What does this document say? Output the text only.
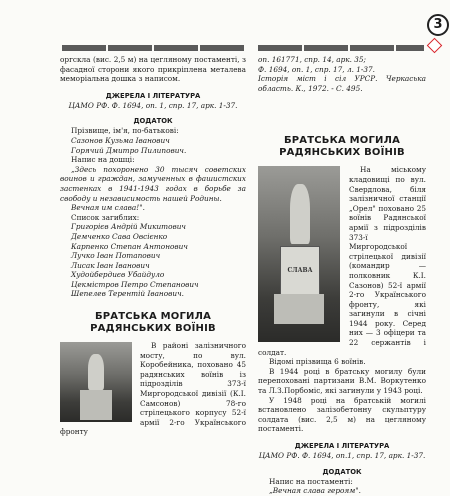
3

оргскла (вис. 2,5 м) на цегляному постаменті, з фасадної сторони якого прикріплена металева меморіальна дошка з написом.

ДЖЕРЕЛА І ЛІТЕРАТУРА

ЦАМО РФ. Ф. 1694, оп. 1, спр. 17, арк. 1-37.

ДОДАТОК

Прізвище, ім'я, по-батькові:

Сазонов Кузьма Іванович

Горячий Дмитро Пилипович.

Напис на дошці:

„Здесь похоронено 30 тысяч советских воинов и граждан, замученных в фашистских застенках в 1941-1943 годах в борьбе за свободу и независимость нашей Родины.

Вечная им слава!".

Список загиблих:

Григорієв Андрій Микитович

Демченко Сава Овсієнко

Карпенко Степан Антонович

Лучко Іван Потапович

Лисак Іван Іванович

Худойбердиєв Убайдуло

Цекмістров Петро Степанович

Шепелев Терентій Іванович.

БРАТСЬКА МОГИЛА

РАДЯНСЬКИХ ВОЇНІВ

В районі залізничного мосту, по вул. Коробейника, поховано 45 радянських воїнів із підрозділів 373-ї Миргородської дивізії (К.І. Самсонов) 78-го стрілецького корпусу 52-ї армії 2-го Українського фронту

оп. 161771, спр. 14, арк. 35;

Ф. 1694, оп. 1, спр. 17, л. 1-37.

Історія міст і сіл УРСР. Черкаська область. К., 1972. - С. 495.

БРАТСЬКА МОГИЛА

РАДЯНСЬКИХ ВОЇНІВ

СЛАВА

На міському кладовищі по вул. Свердлова, біля залізничної станції „Орел" поховано 25 воїнів Радянської армії з підрозділів 373-ї Миргородської стрілецької дивізії (командир — полковник К.І. Сазонов) 52-ї армії 2-го Українського фронту, які загинули в січні 1944 року. Серед них — 3 офіцери та 22 сержантів і солдат.

Відомі прізвища 6 воїнів.

В 1944 році в братську могилу були перепоховані партизани В.М. Воркутенко та Л.З.Порбоміс, які загинули у 1943 році.

У 1948 році на братській могилі встановлено залізобетонну скульптуру солдата (вис. 2,5 м) на цегляному постаменті.

ДЖЕРЕЛА І ЛІТЕРАТУРА

ЦАМО РФ. Ф. 1694, оп.1, спр. 17, арк. 1-37.

ДОДАТОК

Напис на постаменті:

„Вечная слава героям".
